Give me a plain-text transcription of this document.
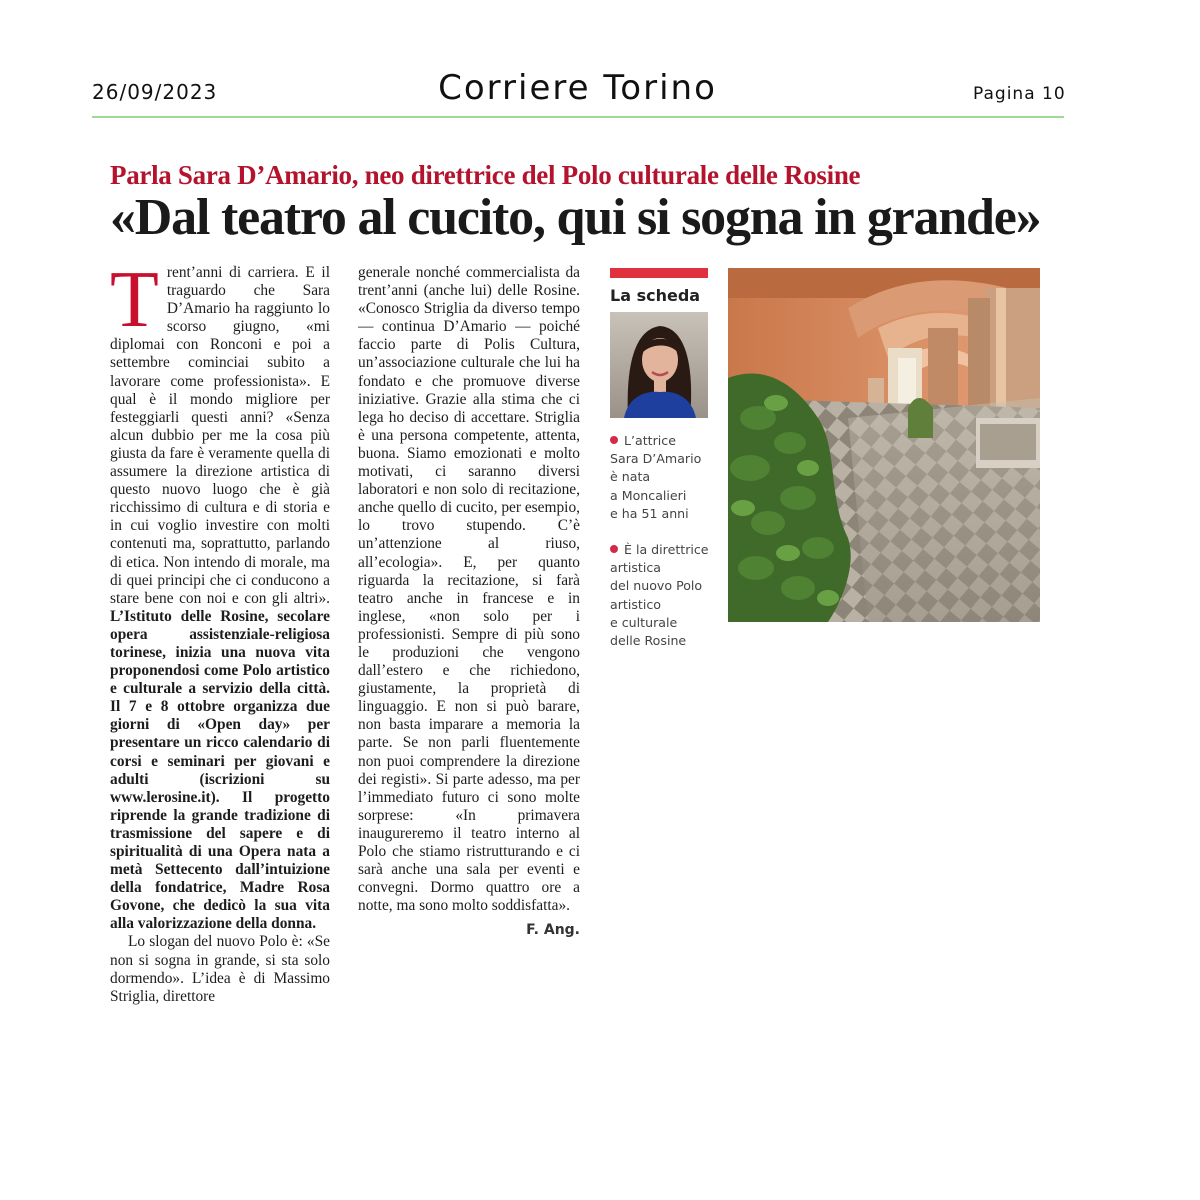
26/09/2023	Corriere Torino	Pagina 10
Parla Sara D’Amario, neo direttrice del Polo culturale delle Rosine
«Dal teatro al cucito, qui si sogna in grande»

Trent’anni di carriera. E il traguardo che Sara D’Amario ha raggiunto lo scorso giugno, «mi diplomai con Ronconi e poi a settembre cominciai subito a lavorare come professionista». E qual è il mondo migliore per festeggiarli questi anni? «Senza alcun dubbio per me la cosa più giusta da fare è veramente quella di assumere la direzione artistica di questo nuovo luogo che è già ricchissimo di cultura e di storia e in cui voglio investire con molti contenuti ma, soprattutto, parlando di etica. Non intendo di morale, ma di quei principi che ci conducono a stare bene con noi e con gli altri». L’Istituto delle Rosine, secolare opera assistenziale-religiosa torinese, inizia una nuova vita proponendosi come Polo artistico e culturale a servizio della città. Il 7 e 8 ottobre organizza due giorni di «Open day» per presentare un ricco calendario di corsi e seminari per giovani e adulti (iscrizioni su www.lerosine.it). Il progetto riprende la grande tradizione di trasmissione del sapere e di spiritualità di una Opera nata a metà Settecento dall’intuizione della fondatrice, Madre Rosa Govone, che dedicò la sua vita alla valorizzazione della donna.

Lo slogan del nuovo Polo è: «Se non si sogna in grande, si sta solo dormendo». L’idea è di Massimo Striglia, direttore

generale nonché commercialista da trent’anni (anche lui) delle Rosine. «Conosco Striglia da diverso tempo — continua D’Amario — poiché faccio parte di Polis Cultura, un’associazione culturale che lui ha fondato e che promuove diverse iniziative. Grazie alla stima che ci lega ho deciso di accettare. Striglia è una persona competente, attenta, buona. Siamo emozionati e molto motivati, ci saranno diversi laboratori e non solo di recitazione, anche quello di cucito, per esempio, lo trovo stupendo. C’è un’attenzione al riuso, all’ecologia». E, per quanto riguarda la recitazione, si farà teatro anche in francese e in inglese, «non solo per i professionisti. Sempre di più sono le produzioni che vengono dall’estero e che richiedono, giustamente, la proprietà di linguaggio. E non si può barare, non basta imparare a memoria la parte. Se non parli fluentemente non puoi comprendere la direzione dei registi». Si parte adesso, ma per l’immediato futuro ci sono molte sorprese: «In primavera inaugureremo il teatro interno al Polo che stiamo ristrutturando e ci sarà anche una sala per eventi e convegni. Dormo quattro ore a notte, ma sono molto soddisfatta».

F. Ang.
La scheda
L’attrice
Sara D’Amario
è nata
a Moncalieri
e ha 51 anni
È la direttrice
artistica
del nuovo Polo
artistico
e culturale
delle Rosine
